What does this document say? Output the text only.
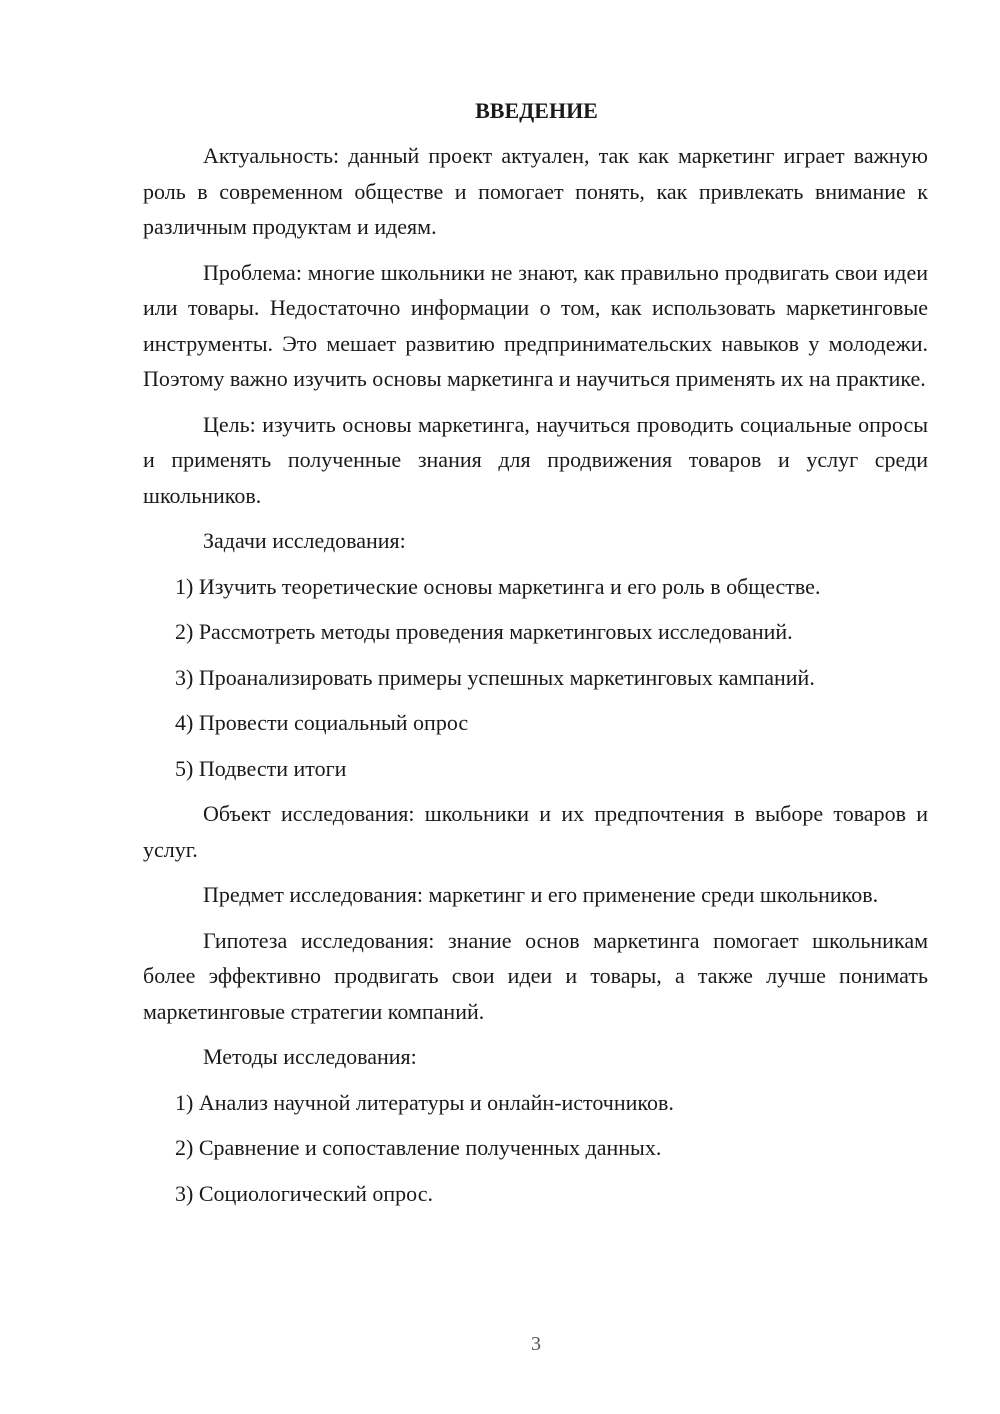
ВВЕДЕНИЕ

Актуальность: данный проект актуален, так как маркетинг играет важную роль в современном обществе и помогает понять, как привлекать внимание к различным продуктам и идеям.

Проблема: многие школьники не знают, как правильно продвигать свои идеи или товары. Недостаточно информации о том, как использовать маркетинговые инструменты. Это мешает развитию предпринимательских навыков у молодежи. Поэтому важно изучить основы маркетинга и научиться применять их на практике.

Цель: изучить основы маркетинга, научиться проводить социальные опросы и применять полученные знания для продвижения товаров и услуг среди школьников.

Задачи исследования:
1) Изучить теоретические основы маркетинга и его роль в обществе.
2) Рассмотреть методы проведения маркетинговых исследований.
3) Проанализировать примеры успешных маркетинговых кампаний.
4) Провести социальный опрос
5) Подвести итоги

Объект исследования: школьники и их предпочтения в выборе товаров и услуг.

Предмет исследования: маркетинг и его применение среди школьников.

Гипотеза исследования: знание основ маркетинга помогает школьникам более эффективно продвигать свои идеи и товары, а также лучше понимать маркетинговые стратегии компаний.

Методы исследования:
1) Анализ научной литературы и онлайн-источников.
2) Сравнение и сопоставление полученных данных.
3) Социологический опрос.
3
